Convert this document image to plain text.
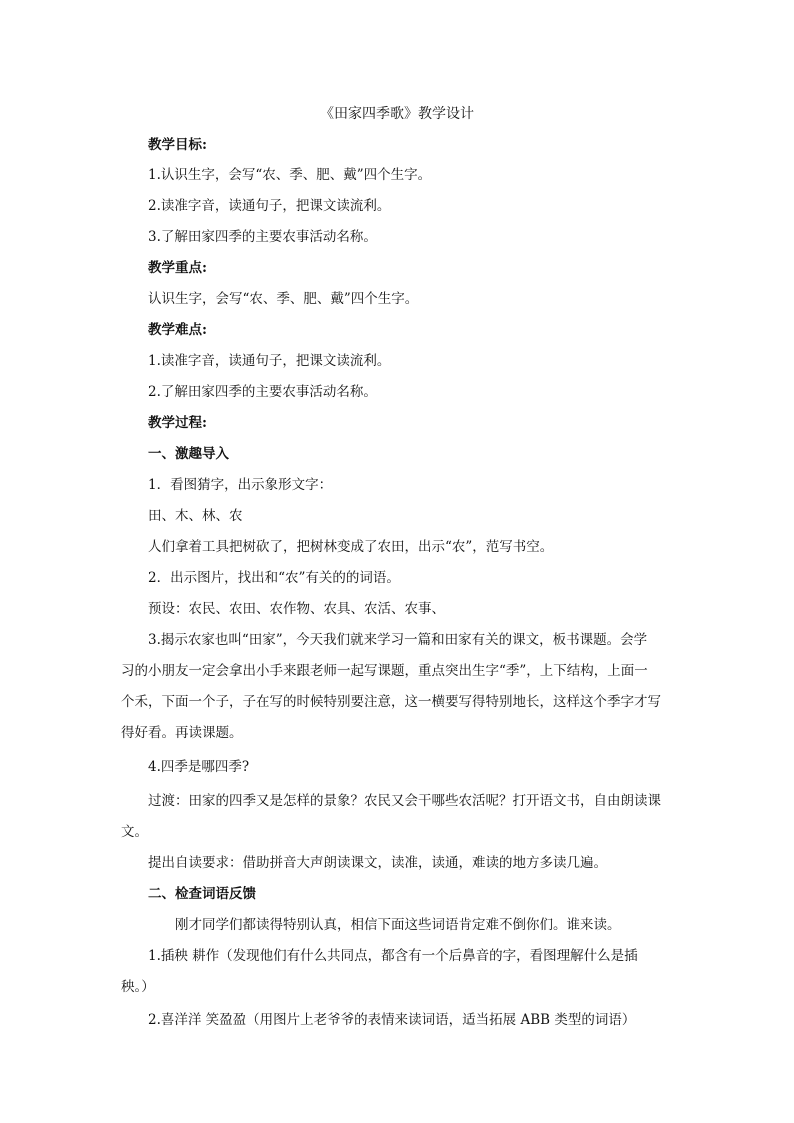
《田家四季歌》教学设计
教学目标:
1.认识生字，会写“农、季、肥、戴”四个生字。
2.读准字音，读通句子，把课文读流利。
3.了解田家四季的主要农事活动名称。
教学重点:
认识生字，会写“农、季、肥、戴”四个生字。
教学难点:
1.读准字音，读通句子，把课文读流利。
2.了解田家四季的主要农事活动名称。
教学过程:
一、激趣导入
1．看图猜字，出示象形文字：
田、木、林、农
人们拿着工具把树砍了，把树林变成了农田，出示“农”，范写书空。
2．出示图片，找出和“农”有关的的词语。
预设：农民、农田、农作物、农具、农活、农事、
3.揭示农家也叫“田家”，今天我们就来学习一篇和田家有关的课文，板书课题。会学
习的小朋友一定会拿出小手来跟老师一起写课题，重点突出生字“季”，上下结构，上面一
个禾，下面一个子，子在写的时候特别要注意，这一横要写得特别地长，这样这个季字才写
得好看。再读课题。
4.四季是哪四季?
过渡：田家的四季又是怎样的景象？农民又会干哪些农活呢？打开语文书，自由朗读课
文。
提出自读要求：借助拼音大声朗读课文，读准，读通，难读的地方多读几遍。
二、检查词语反馈
刚才同学们都读得特别认真，相信下面这些词语肯定难不倒你们。谁来读。
1.插秧 耕作（发现他们有什么共同点，都含有一个后鼻音的字，看图理解什么是插
秧。）
2.喜洋洋 笑盈盈（用图片上老爷爷的表情来读词语，适当拓展 ABB 类型的词语）
